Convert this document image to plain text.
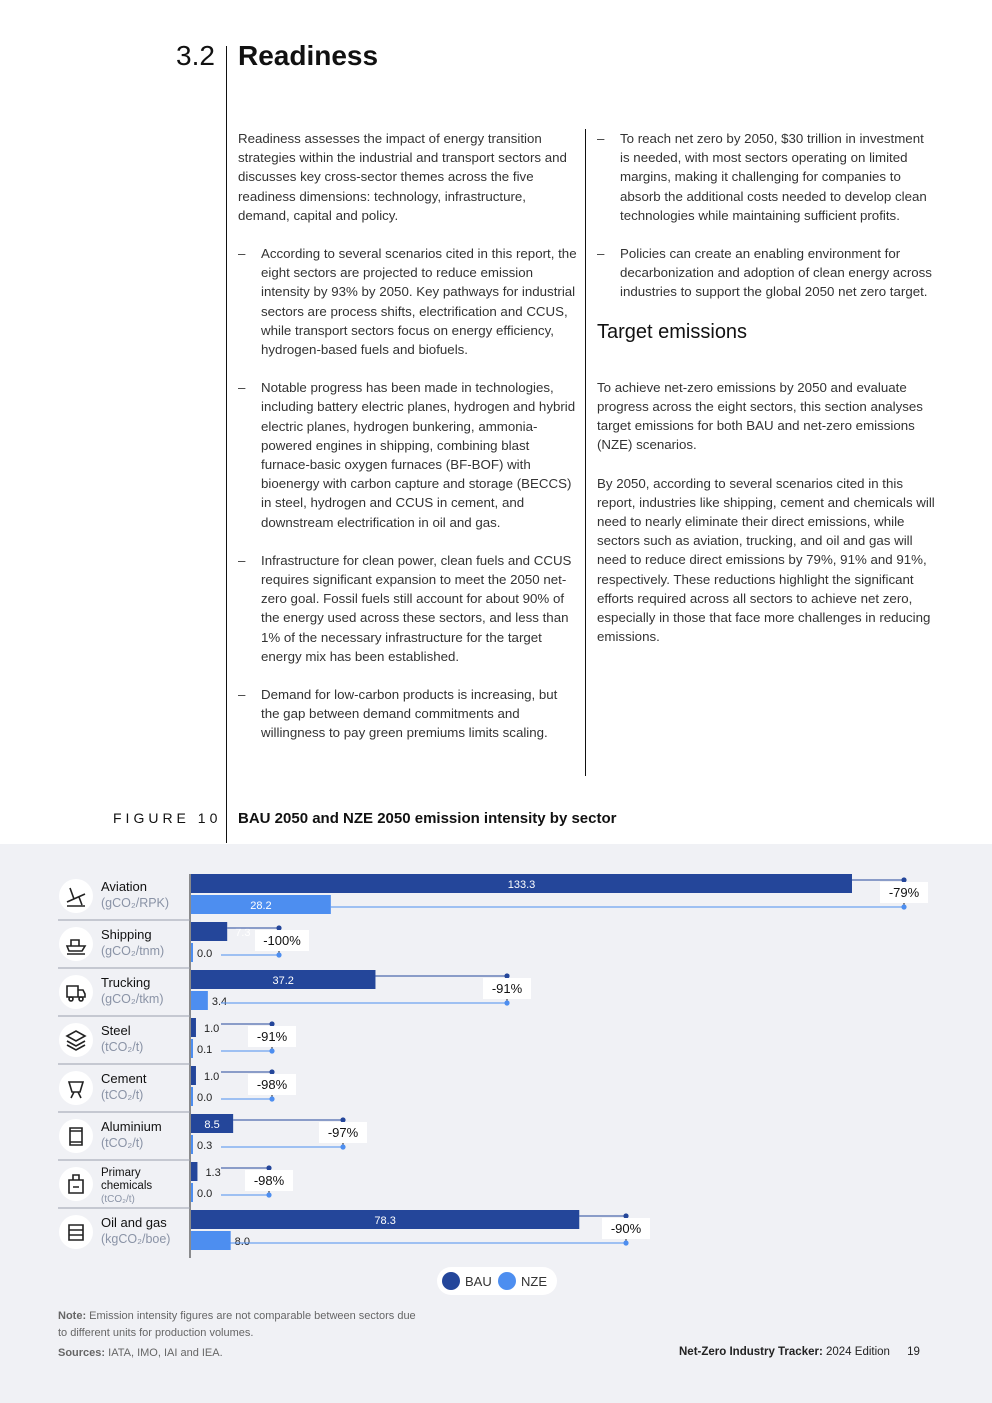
3.2 Readiness

Readiness assesses the impact of energy transition strategies within the industrial and transport sectors and discusses key cross-sector themes across the five readiness dimensions: technology, infrastructure, demand, capital and policy.

–	According to several scenarios cited in this report, the eight sectors are projected to reduce emission intensity by 93% by 2050. Key pathways for industrial sectors are process shifts, electrification and CCUS, while transport sectors focus on energy efficiency, hydrogen-based fuels and biofuels.
–	Notable progress has been made in technologies, including battery electric planes, hydrogen and hybrid electric planes, hydrogen bunkering, ammonia-powered engines in shipping, combining blast furnace-basic oxygen furnaces (BF-BOF) with bioenergy with carbon capture and storage (BECCS) in steel, hydrogen and CCUS in cement, and downstream electrification in oil and gas.
–	Infrastructure for clean power, clean fuels and CCUS requires significant expansion to meet the 2050 net-zero goal. Fossil fuels still account for about 90% of the energy used across these sectors, and less than 1% of the necessary infrastructure for the target energy mix has been established.
–	Demand for low-carbon products is increasing, but the gap between demand commitments and willingness to pay green premiums limits scaling.
–	To reach net zero by 2050, $30 trillion in investment is needed, with most sectors operating on limited margins, making it challenging for companies to absorb the additional costs needed to develop clean technologies while maintaining sufficient profits.
–	Policies can create an enabling environment for decarbonization and adoption of clean energy across industries to support the global 2050 net zero target.
Target emissions

To achieve net-zero emissions by 2050 and evaluate progress across the eight sectors, this section analyses target emissions for both BAU and net-zero emissions (NZE) scenarios.

By 2050, according to several scenarios cited in this report, industries like shipping, cement and chemicals will need to nearly eliminate their direct emissions, while sectors such as aviation, trucking, and oil and gas will need to reduce direct emissions by 79%, 91% and 91%, respectively. These reductions highlight the significant efforts required across all sectors to achieve net zero, especially in those that face more challenges in reducing emissions.

FIGURE 10 BAU 2050 and NZE 2050 emission intensity by sector
Aviation
(gCO₂/RPK)
133.3
28.2
-79%
Shipping
(gCO₂/tnm)
7.3
0.0
-100%
Trucking
(gCO₂/tkm)
37.2
3.4
-91%
Steel
(tCO₂/t)
1.0
0.1
-91%
Cement
(tCO₂/t)
1.0
0.0
-98%
Aluminium
(tCO₂/t)
8.5
0.3
-97%
Primary
chemicals
(tCO₂/t)
1.3
0.0
-98%
Oil and gas
(kgCO₂/boe)
78.3
8.0
-90%
BAU NZE
Note: Emission intensity figures are not comparable between sectors due to different units for production volumes.
Sources: IATA, IMO, IAI and IEA.	Net-Zero Industry Tracker: 2024 Edition 19
